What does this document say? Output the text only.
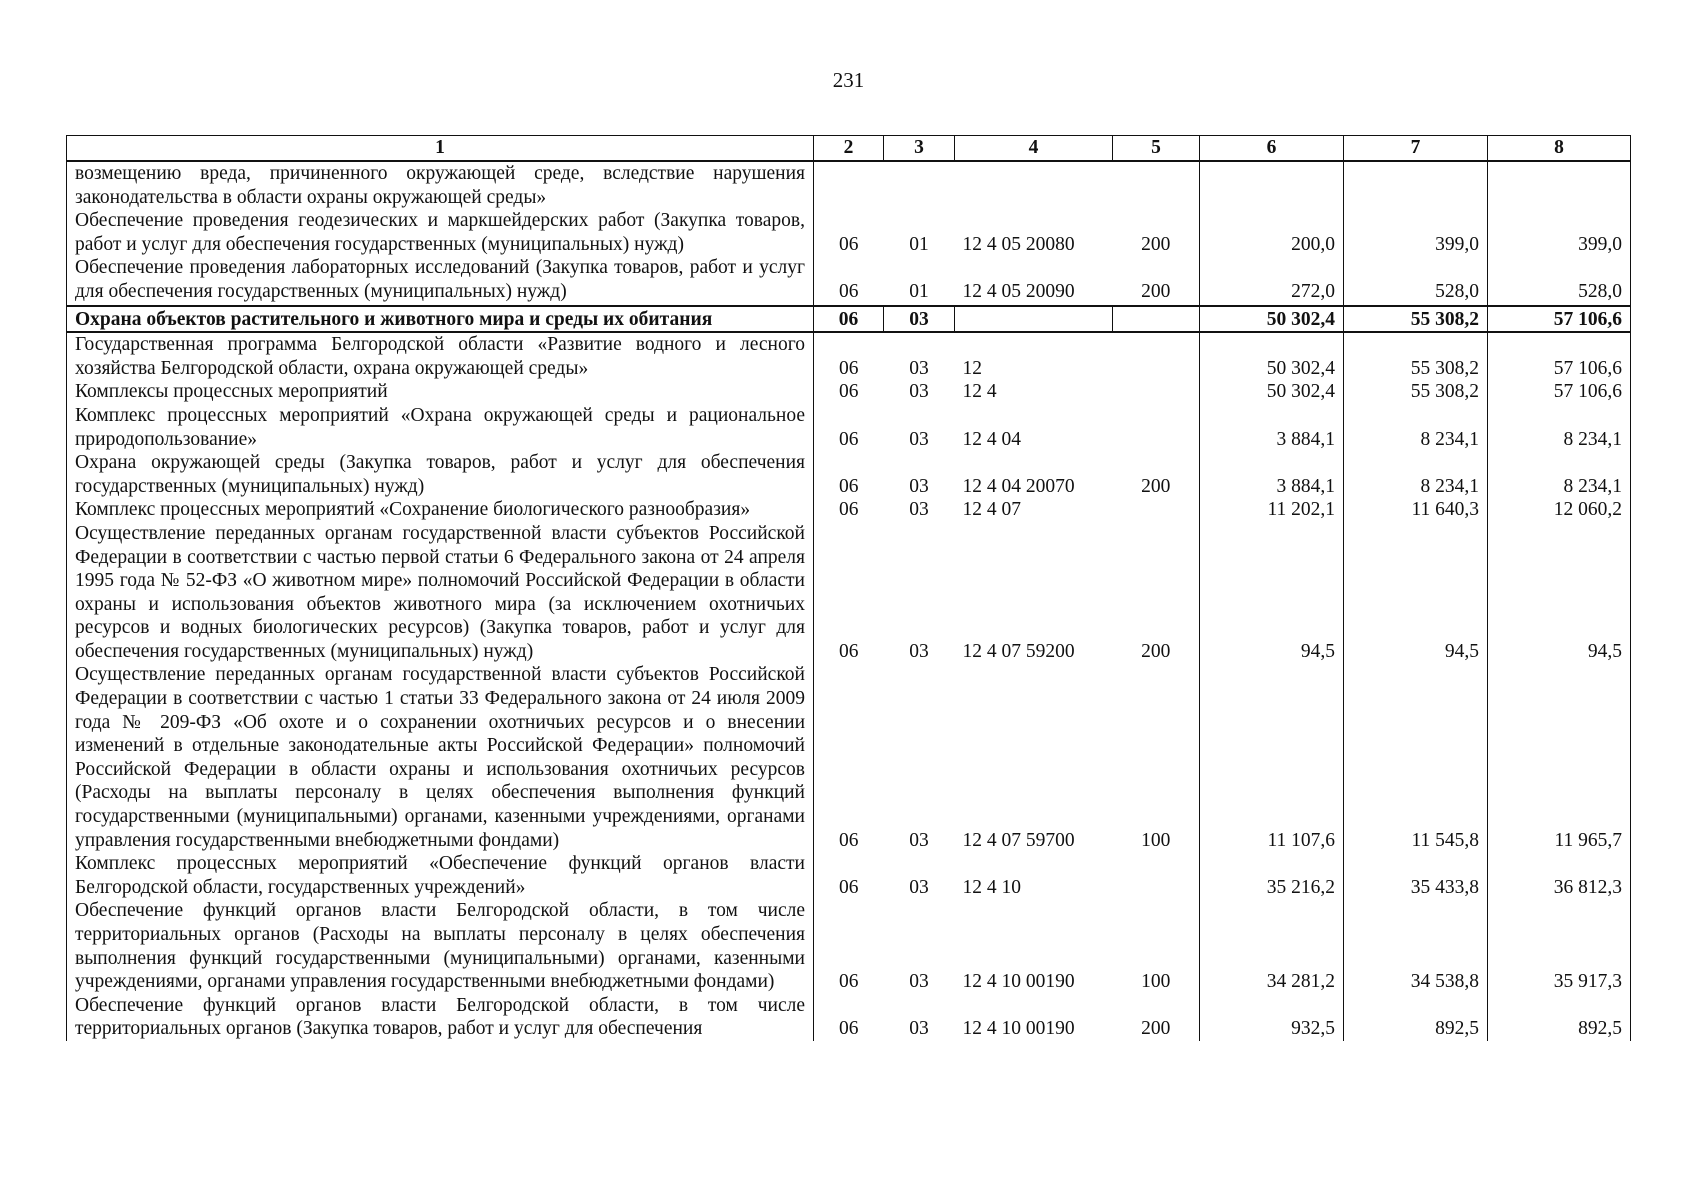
231
1	2	3	4	5	6	7	8
возмещению вреда, причиненного окружающей среде, вследствие нарушения законодательства в области охраны окружающей среды»							
Обеспечение проведения геодезических и маркшейдерских работ (Закупка товаров, работ и услуг для обеспечения государственных (муниципальных) нужд)	06	01	12 4 05 20080	200	200,0	399,0	399,0
Обеспечение проведения лабораторных исследований (Закупка товаров, работ и услуг для обеспечения государственных (муниципальных) нужд)	06	01	12 4 05 20090	200	272,0	528,0	528,0
Охрана объектов растительного и животного мира и среды их обитания	06	03			50 302,4	55 308,2	57 106,6
Государственная программа Белгородской области «Развитие водного и лесного хозяйства Белгородской области, охрана окружающей среды»	06	03	12		50 302,4	55 308,2	57 106,6
Комплексы процессных мероприятий	06	03	12 4		50 302,4	55 308,2	57 106,6
Комплекс процессных мероприятий «Охрана окружающей среды и рациональное природопользование»	06	03	12 4 04		3 884,1	8 234,1	8 234,1
Охрана окружающей среды (Закупка товаров, работ и услуг для обеспечения государственных (муниципальных) нужд)	06	03	12 4 04 20070	200	3 884,1	8 234,1	8 234,1
Комплекс процессных мероприятий «Сохранение биологического разнообразия»	06	03	12 4 07		11 202,1	11 640,3	12 060,2
Осуществление переданных органам государственной власти субъектов Российской Федерации в соответствии с частью первой статьи 6 Федерального закона от 24 апреля 1995 года № 52-ФЗ «О животном мире» полномочий Российской Федерации в области охраны и использования объектов животного мира (за исключением охотничьих ресурсов и водных биологических ресурсов) (Закупка товаров, работ и услуг для обеспечения государственных (муниципальных) нужд)	06	03	12 4 07 59200	200	94,5	94,5	94,5
Осуществление переданных органам государственной власти субъектов Российской Федерации в соответствии с частью 1 статьи 33 Федерального закона от 24 июля 2009 года № 209-ФЗ «Об охоте и о сохранении охотничьих ресурсов и о внесении изменений в отдельные законодательные акты Российской Федерации» полномочий Российской Федерации в области охраны и использования охотничьих ресурсов (Расходы на выплаты персоналу в целях обеспечения выполнения функций государственными (муниципальными) органами, казенными учреждениями, органами управления государственными внебюджетными фондами)	06	03	12 4 07 59700	100	11 107,6	11 545,8	11 965,7
Комплекс процессных мероприятий «Обеспечение функций органов власти Белгородской области, государственных учреждений»	06	03	12 4 10		35 216,2	35 433,8	36 812,3
Обеспечение функций органов власти Белгородской области, в том числе территориальных органов (Расходы на выплаты персоналу в целях обеспечения выполнения функций государственными (муниципальными) органами, казенными учреждениями, органами управления государственными внебюджетными фондами)	06	03	12 4 10 00190	100	34 281,2	34 538,8	35 917,3
Обеспечение функций органов власти Белгородской области, в том числе территориальных органов (Закупка товаров, работ и услуг для обеспечения	06	03	12 4 10 00190	200	932,5	892,5	892,5
